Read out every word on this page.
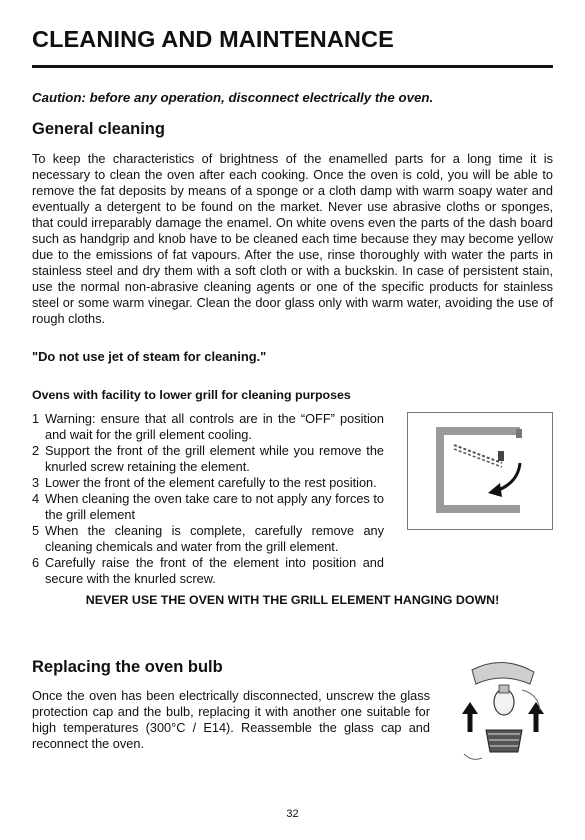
CLEANING AND MAINTENANCE
Caution: before any operation, disconnect electrically the oven.
General cleaning
To keep the characteristics of brightness of the enamelled parts for a long time it is necessary to clean the oven after each cooking. Once the oven is cold, you will be able to remove the fat deposits by means of a sponge or a cloth damp with warm soapy water and eventually a detergent to be found on the market. Never use abrasive cloths or sponges, that could irreparably damage the enamel. On white ovens even the parts of the dash board such as handgrip and knob have to be cleaned each time because they may become yellow due to the emissions of fat vapours. After the use, rinse thoroughly with water the parts in stainless steel and dry them with a soft cloth or with a buckskin. In case of persistent stain, use the normal non-abrasive cleaning agents or one of the specific products for stainless steel or some warm vinegar. Clean the door glass only with warm water, avoiding the use of rough cloths.
"Do not use jet of steam for cleaning."
Ovens with facility to lower grill for cleaning purposes
1 Warning: ensure that all controls are in the “OFF” position and wait for the grill element cooling.
2 Support the front of the grill element while you remove the knurled screw retaining the element.
3 Lower the front of the element carefully to the rest position.
4 When cleaning the oven take care to not apply any forces to the grill element
5 When the cleaning is complete, carefully remove any cleaning chemicals and water from the grill element.
6 Carefully raise the front of the element into position and secure with the knurled screw.
NEVER USE THE OVEN WITH THE GRILL ELEMENT HANGING DOWN!
Replacing the oven bulb
Once the oven has been electrically disconnected, unscrew the glass protection cap and the bulb, replacing it with another one suitable for high temperatures (300°C / E14). Reassemble the glass cap and reconnect the oven.
32
